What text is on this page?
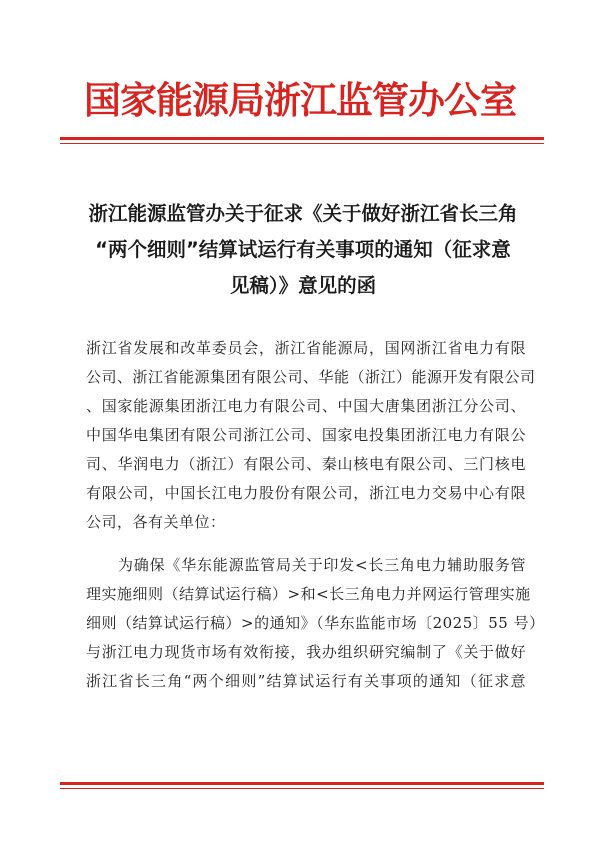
国家能源局浙江监管办公室
浙江能源监管办关于征求《关于做好浙江省长三角
“两个细则”结算试运行有关事项的通知（征求意
见稿）》意见的函
浙江省发展和改革委员会，浙江省能源局，国网浙江省电力有限
公司、浙江省能源集团有限公司、华能（浙江）能源开发有限公司
、国家能源集团浙江电力有限公司、中国大唐集团浙江分公司、
中国华电集团有限公司浙江公司、国家电投集团浙江电力有限公
司、华润电力（浙江）有限公司、秦山核电有限公司、三门核电
有限公司，中国长江电力股份有限公司，浙江电力交易中心有限
公司，各有关单位：
为确保《华东能源监管局关于印发<长三角电力辅助服务管
理实施细则（结算试运行稿）>和<长三角电力并网运行管理实施
细则（结算试运行稿）>的通知》（华东监能市场〔2025〕55 号）
与浙江电力现货市场有效衔接，我办组织研究编制了《关于做好
浙江省长三角“两个细则”结算试运行有关事项的通知（征求意
